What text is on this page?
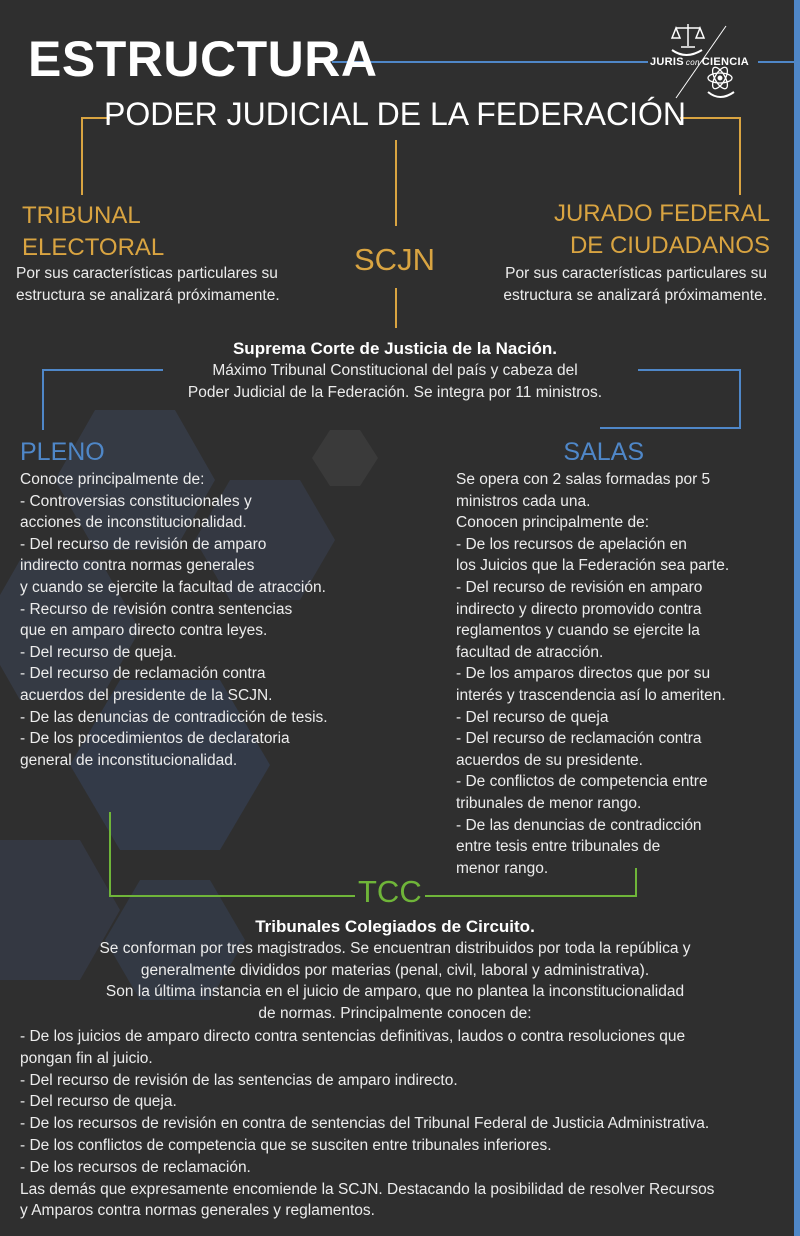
ESTRUCTURA	JURIS con CIENCIA
PODER JUDICIAL DE LA FEDERACIÓN
TRIBUNAL
ELECTORAL
Por sus características particulares su
estructura se analizará próximamente.
SCJN
JURADO FEDERAL
DE CIUDADANOS
Por sus características particulares su
estructura se analizará próximamente.
Suprema Corte de Justicia de la Nación.
Máximo Tribunal Constitucional del país y cabeza del
Poder Judicial de la Federación. Se integra por 11 ministros.
PLENO
Conoce principalmente de:
- Controversias constitucionales y
acciones de inconstitucionalidad.
- Del recurso de revisión de amparo
indirecto contra normas generales
y cuando se ejercite la facultad de atracción.
- Recurso de revisión contra sentencias
que en amparo directo contra leyes.
- Del recurso de queja.
- Del recurso de reclamación contra
acuerdos del presidente de la SCJN.
- De las denuncias de contradicción de tesis.
- De los procedimientos de declaratoria
general de inconstitucionalidad.
SALAS
Se opera con 2 salas formadas por 5
ministros cada una.
Conocen principalmente de:
- De los recursos de apelación en
los Juicios que la Federación sea parte.
- Del recurso de revisión en amparo
indirecto y directo promovido contra
reglamentos y cuando se ejercite la
facultad de atracción.
- De los amparos directos que por su
interés y trascendencia así lo ameriten.
- Del recurso de queja
- Del recurso de reclamación contra
acuerdos de su presidente.
- De conflictos de competencia entre
tribunales de menor rango.
- De las denuncias de contradicción
entre tesis entre tribunales de
menor rango.
TCC
Tribunales Colegiados de Circuito.
Se conforman por tres magistrados. Se encuentran distribuidos por toda la república y
generalmente divididos por materias (penal, civil, laboral y administrativa).
Son la última instancia en el juicio de amparo, que no plantea la inconstitucionalidad
de normas. Principalmente conocen de:
- De los juicios de amparo directo contra sentencias definitivas, laudos o contra resoluciones que
pongan fin al juicio.
- Del recurso de revisión de las sentencias de amparo indirecto.
- Del recurso de queja.
- De los recursos de revisión en contra de sentencias del Tribunal Federal de Justicia Administrativa.
- De los conflictos de competencia que se susciten entre tribunales inferiores.
- De los recursos de reclamación.
Las demás que expresamente encomiende la SCJN. Destacando la posibilidad de resolver Recursos
y Amparos contra normas generales y reglamentos.
